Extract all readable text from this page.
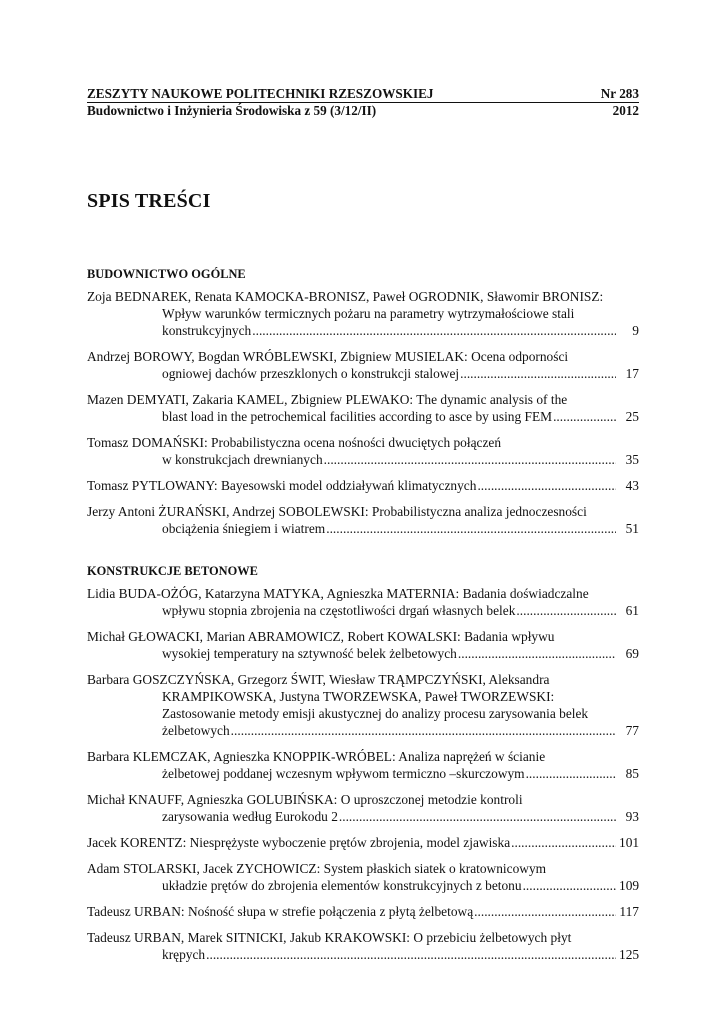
ZESZYTY NAUKOWE POLITECHNIKI RZESZOWSKIEJ	Nr 283
Budownictwo i Inżynieria Środowiska z 59 (3/12/II)	2012
SPIS TREŚCI
BUDOWNICTWO OGÓLNE
Zoja BEDNAREK, Renata KAMOCKA-BRONISZ, Paweł OGRODNIK, Sławomir BRONISZ:
Wpływ warunków termicznych pożaru na parametry wytrzymałościowe stali
konstrukcyjnych .....	9
Andrzej BOROWY, Bogdan WRÓBLEWSKI, Zbigniew MUSIELAK: Ocena odporności
ogniowej dachów przeszklonych o konstrukcji stalowej .....	17
Mazen DEMYATI, Zakaria KAMEL, Zbigniew PLEWAKO: The dynamic analysis of the
blast load in the petrochemical facilities according to asce by using FEM .....	25
Tomasz DOMAŃSKI: Probabilistyczna ocena nośności dwuciętych połączeń
w konstrukcjach drewnianych .....	35
Tomasz PYTLOWANY: Bayesowski model oddziaływań klimatycznych .....	43
Jerzy Antoni ŻURAŃSKI, Andrzej SOBOLEWSKI: Probabilistyczna analiza jednoczesności
obciążenia śniegiem i wiatrem .....	51
KONSTRUKCJE BETONOWE
Lidia BUDA-OŻÓG, Katarzyna MATYKA, Agnieszka MATERNIA: Badania doświadczalne
wpływu stopnia zbrojenia na częstotliwości drgań własnych belek .....	61
Michał GŁOWACKI, Marian ABRAMOWICZ, Robert KOWALSKI: Badania wpływu
wysokiej temperatury na sztywność belek żelbetowych .....	69
Barbara GOSZCZYŃSKA, Grzegorz ŚWIT, Wiesław TRĄMPCZYŃSKI, Aleksandra
KRAMPIKOWSKA, Justyna TWORZEWSKA, Paweł TWORZEWSKI:
Zastosowanie metody emisji akustycznej do analizy procesu zarysowania belek
żelbetowych .....	77
Barbara KLEMCZAK, Agnieszka KNOPPIK-WRÓBEL: Analiza naprężeń w ścianie
żelbetowej poddanej wczesnym wpływom termiczno –skurczowym .....	85
Michał KNAUFF, Agnieszka GOLUBIŃSKA: O uproszczonej metodzie kontroli
zarysowania według Eurokodu 2 .....	93
Jacek KORENTZ: Niesprężyste wyboczenie prętów zbrojenia, model zjawiska .....	101
Adam STOLARSKI, Jacek ZYCHOWICZ: System płaskich siatek o kratownicowym
układzie prętów do zbrojenia elementów konstrukcyjnych z betonu .....	109
Tadeusz URBAN: Nośność słupa w strefie połączenia z płytą żelbetową .....	117
Tadeusz URBAN, Marek SITNICKI, Jakub KRAKOWSKI: O przebiciu żelbetowych płyt
krępych .....	125
